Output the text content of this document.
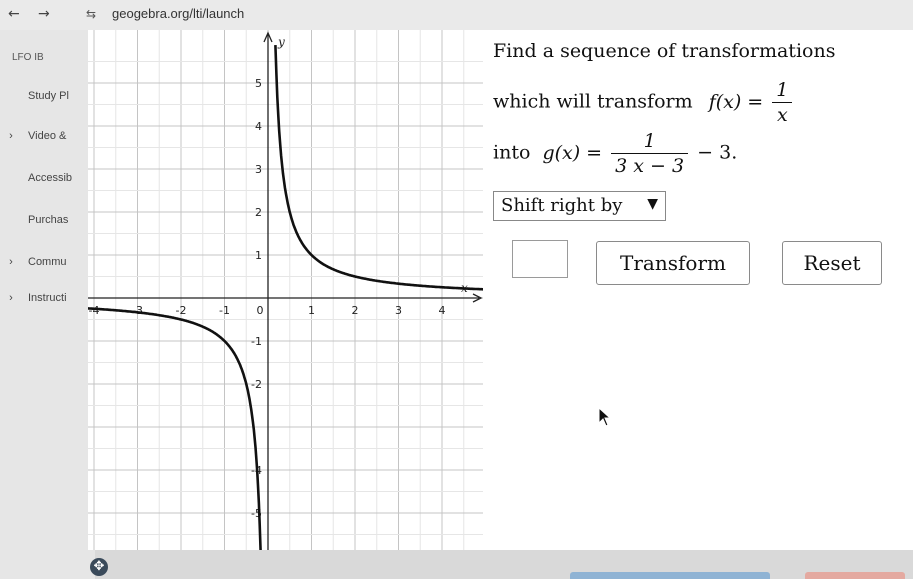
← →	⇆ geogebra.org/lti/launch
LFO IB
Study Pl
› Video &
Accessib
Purchas
› Commu
› Instructi
x
y
-4	-3	-2	-1 0	1	2	3	4
5
4
3
2
1
-1
-2
-4
-5
Find a sequence of transformations
which will transform $f(x) = \frac{1}{x}$
into $g(x) = \frac{1}{3 x - 3} - 3$.
Shift right by ▼
Transform	Reset
✥
